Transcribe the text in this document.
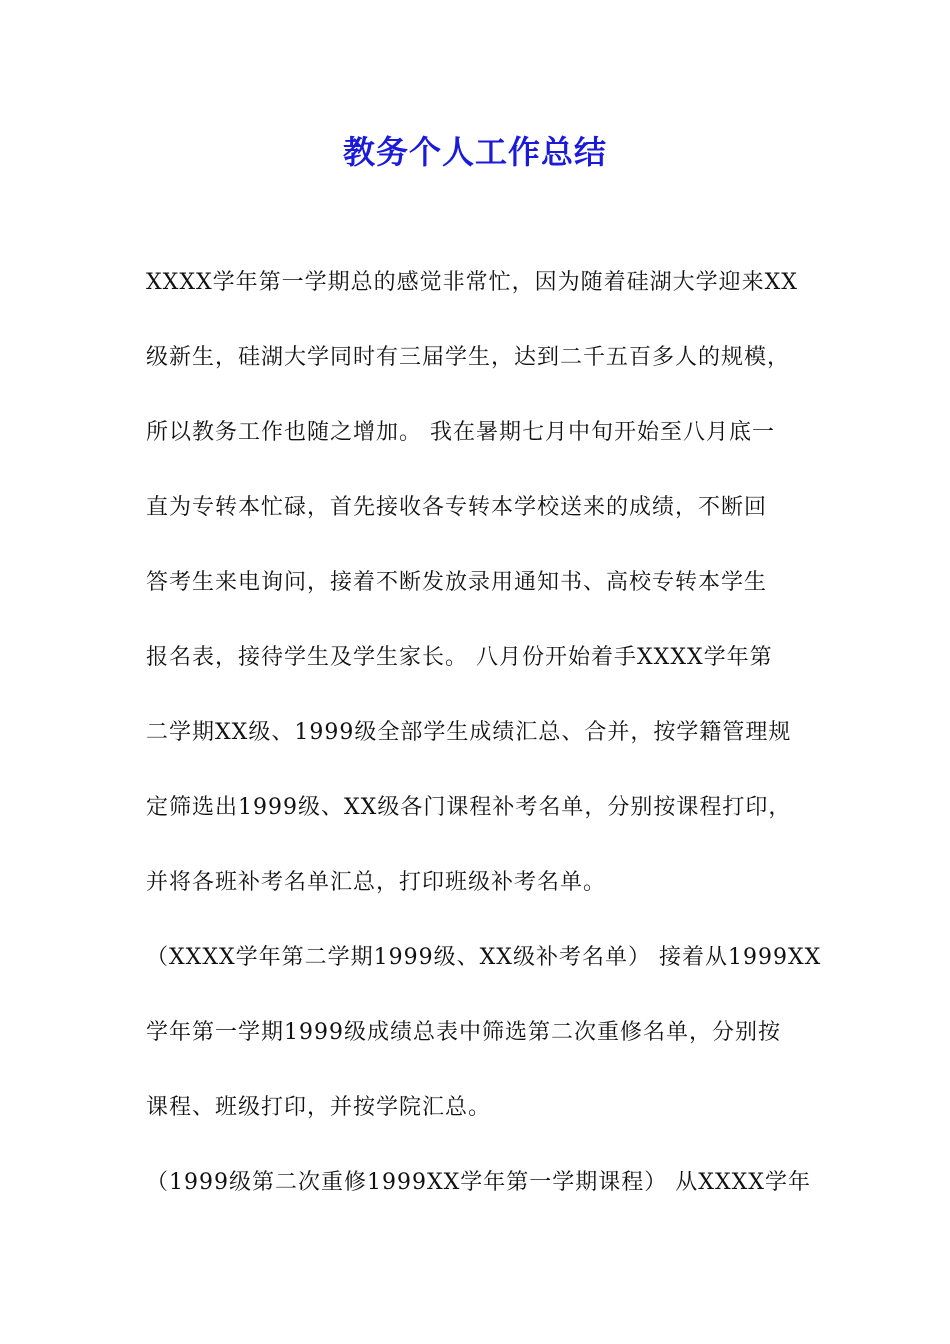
教务个人工作总结
XXXX学年第一学期总的感觉非常忙，因为随着硅湖大学迎来XX
级新生，硅湖大学同时有三届学生，达到二千五百多人的规模，
所以教务工作也随之增加。 我在暑期七月中旬开始至八月底一
直为专转本忙碌，首先接收各专转本学校送来的成绩，不断回
答考生来电询问，接着不断发放录用通知书、高校专转本学生
报名表，接待学生及学生家长。 八月份开始着手XXXX学年第
二学期XX级、1999级全部学生成绩汇总、合并，按学籍管理规
定筛选出1999级、XX级各门课程补考名单，分别按课程打印，
并将各班补考名单汇总，打印班级补考名单。
（XXXX学年第二学期1999级、XX级补考名单） 接着从1999XX
学年第一学期1999级成绩总表中筛选第二次重修名单，分别按
课程、班级打印，并按学院汇总。
（1999级第二次重修1999XX学年第一学期课程） 从XXXX学年
